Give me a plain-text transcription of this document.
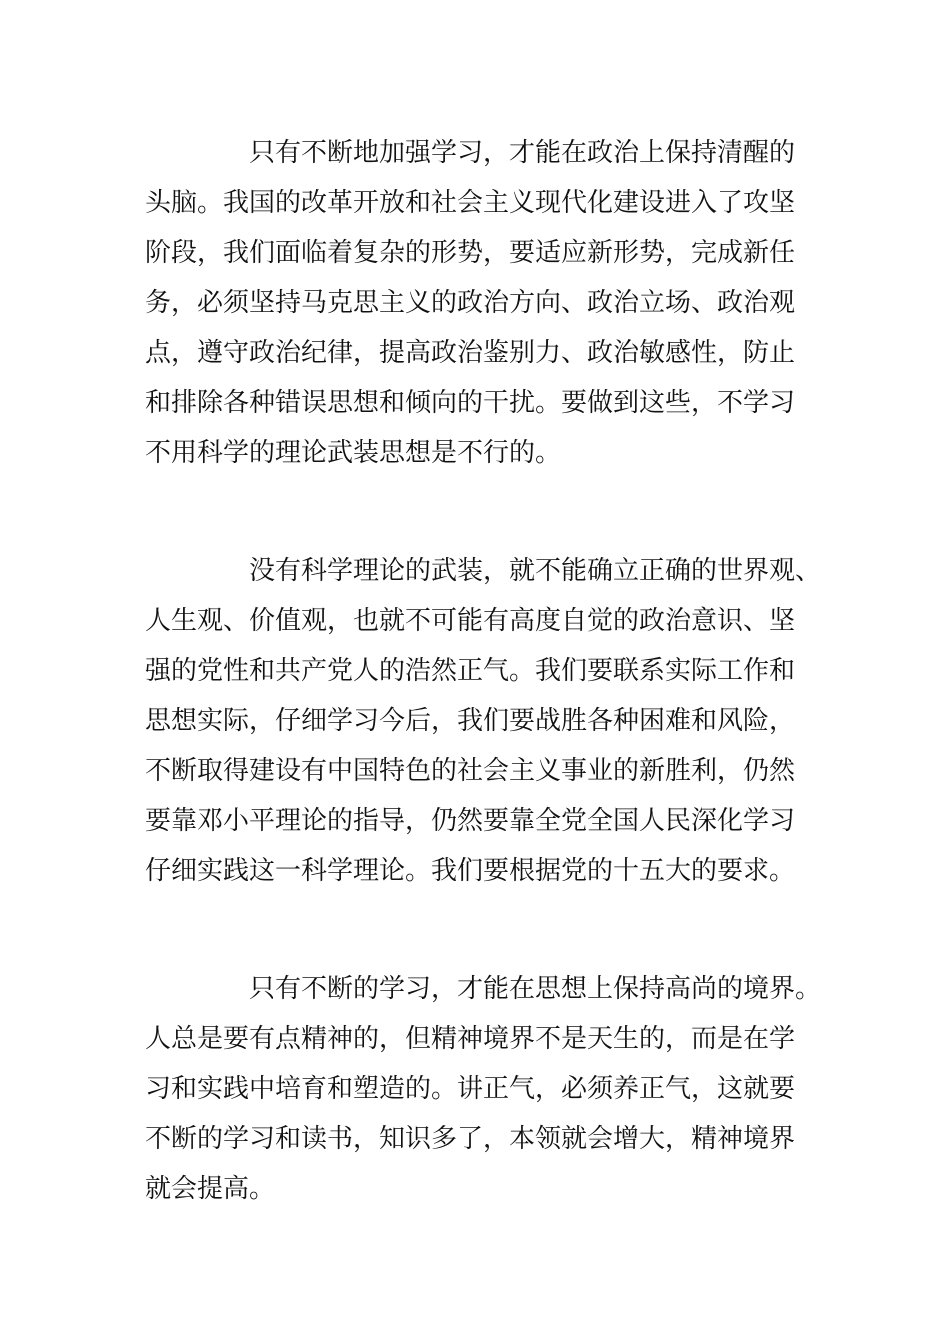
只有不断地加强学习，才能在政治上保持清醒的
头脑。我国的改革开放和社会主义现代化建设进入了攻坚
阶段，我们面临着复杂的形势，要适应新形势，完成新任
务，必须坚持马克思主义的政治方向、政治立场、政治观
点，遵守政治纪律，提高政治鉴别力、政治敏感性，防止
和排除各种错误思想和倾向的干扰。要做到这些，不学习
不用科学的理论武装思想是不行的。
没有科学理论的武装，就不能确立正确的世界观、
人生观、价值观，也就不可能有高度自觉的政治意识、坚
强的党性和共产党人的浩然正气。我们要联系实际工作和
思想实际，仔细学习今后，我们要战胜各种困难和风险，
不断取得建设有中国特色的社会主义事业的新胜利，仍然
要靠邓小平理论的指导，仍然要靠全党全国人民深化学习
仔细实践这一科学理论。我们要根据党的十五大的要求。
只有不断的学习，才能在思想上保持高尚的境界。
人总是要有点精神的，但精神境界不是天生的，而是在学
习和实践中培育和塑造的。讲正气，必须养正气，这就要
不断的学习和读书，知识多了，本领就会增大，精神境界
就会提高。
